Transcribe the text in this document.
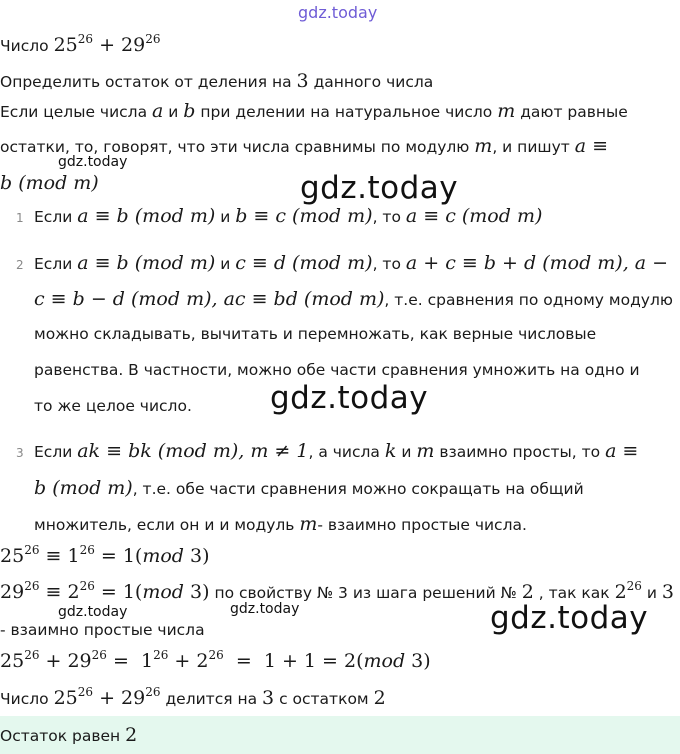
gdz.today
gdz.today
gdz.today
gdz.today
gdz.today	gdz.today	gdz.today
Число $25^{26} + 29^{26}$
Определить остаток от деления на 3 данного числа
Если целые числа a и b при делении на натуральное число m дают равные
остатки, то, говорят, что эти числа сравнимы по модулю m, и пишут a ≡
b (mod m)
1 Если a ≡ b (mod m) и b ≡ c (mod m), то a ≡ c (mod m)
2 Если a ≡ b (mod m) и c ≡ d (mod m), то a + c ≡ b + d (mod m), a −
c ≡ b − d (mod m), ac ≡ bd (mod m), т.е. сравнения по одному модулю
можно складывать, вычитать и перемножать, как верные числовые
равенства. В частности, можно обе части сравнения умножить на одно и
то же целое число.
3 Если ak ≡ bk (mod m), m ≠ 1, а числа k и m взаимно просты, то a ≡
b (mod m), т.е. обе части сравнения можно сокращать на общий
множитель, если он и и модуль m- взаимно простые числа.
$25^{26} \equiv 1^{26} = 1(mod$ 3)
$29^{26} \equiv 2^{26} = 1(mod$ 3) по свойству № 3 из шага решений № 2 , так как $2^{26}$ и 3
- взаимно простые числа
$25^{26} + 29^{26} = 1^{26} + 2^{26} = 1 + 1 = 2(mod$ 3)
Число $25^{26} + 29^{26}$ делится на 3 с остатком 2
Остаток равен 2
